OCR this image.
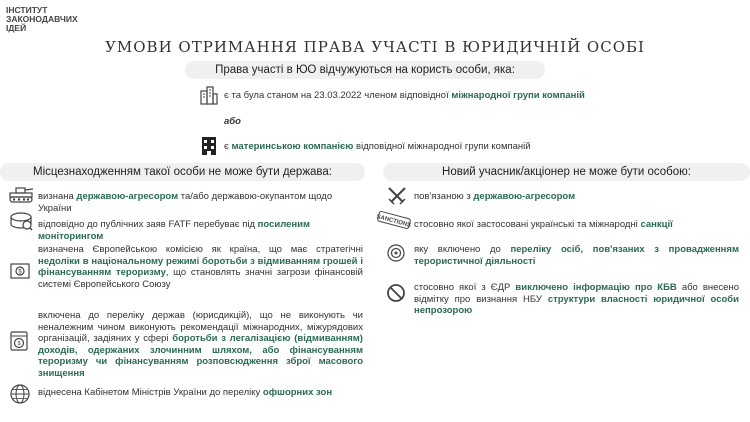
ІНСТИТУТ
ЗАКОНОДАВЧИХ
ІДЕЙ
УМОВИ ОТРИМАННЯ ПРАВА УЧАСТІ В ЮРИДИЧНІЙ ОСОБІ
Права участі в ЮО відчужуються на користь особи, яка:
є та була станом на 23.03.2022 членом відповідної міжнародної групи компаній
або
є материнською компанією відповідної міжнародної групи компаній
Місцезнаходженням такої особи не може бути держава:	Новий учасник/акціонер не може бути особою:
визнана державою-агресором та/або державою-окупантом щодо України
відповідно до публічних заяв FATF перебуває під посиленим моніторингом
$
визначена Європейською комісією як країна, що має стратегічні недоліки в національному режимі боротьби з відмиванням грошей і фінансуванням тероризму, що становлять значні загрози фінансовій системі Європейського Союзу
$
включена до переліку держав (юрисдикцій), що не виконують чи неналежним чином виконують рекомендації міжнародних, міжурядових організацій, задіяних у сфері боротьби з легалізацією (відмиванням) доходів, одержаних злочинним шляхом, або фінансуванням тероризму чи фінансуванням розповсюдження зброї масового знищення
віднесена Кабінетом Міністрів України до переліку офшорних зон
пов'язаною з державою-агресором
SANCTIONS стосовно якої застосовані українські та міжнародні санкції
яку включено до переліку осіб, пов'язаних з провадженням терористичної діяльності
стосовно якої з ЄДР виключено інформацію про КБВ або внесено відмітку про визнання НБУ структури власності юридичної особи непрозорою
